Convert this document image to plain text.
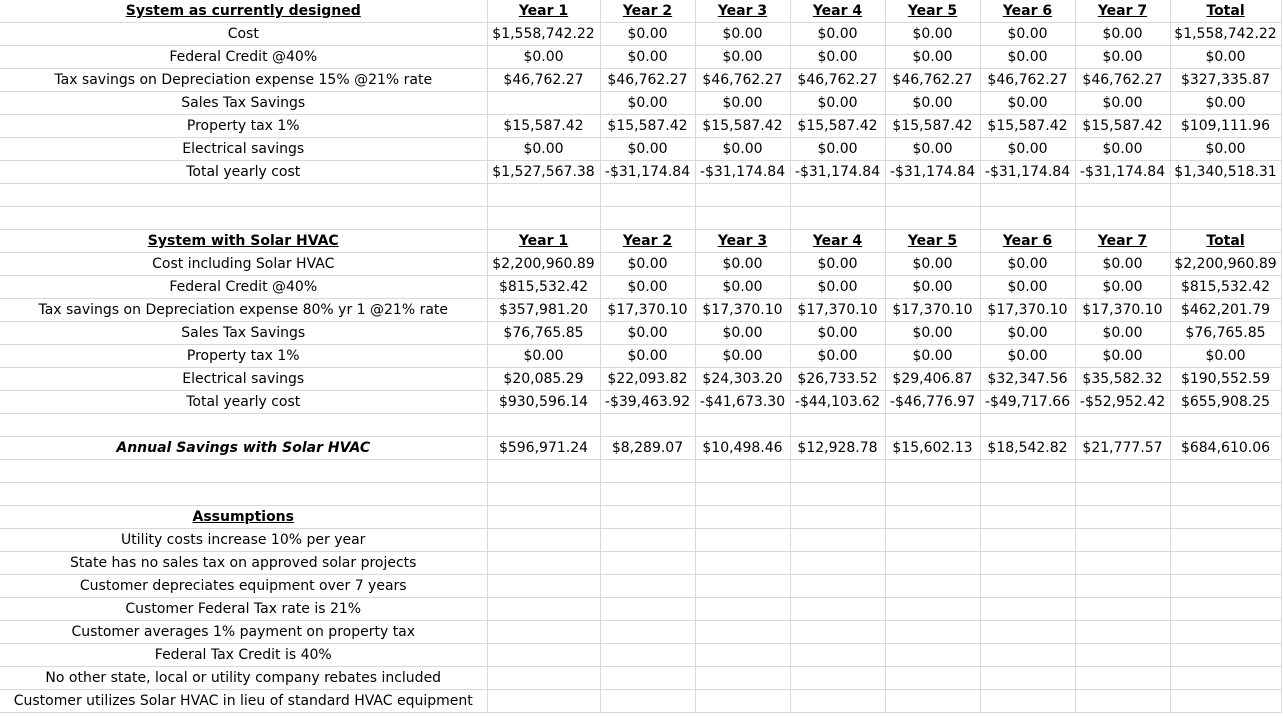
System as currently designed	Year 1	Year 2	Year 3	Year 4	Year 5	Year 6	Year 7	Total
Cost	$1,558,742.22	$0.00	$0.00	$0.00	$0.00	$0.00	$0.00	$1,558,742.22
Federal Credit @40%	$0.00	$0.00	$0.00	$0.00	$0.00	$0.00	$0.00	$0.00
Tax savings on Depreciation expense 15% @21% rate	$46,762.27	$46,762.27	$46,762.27	$46,762.27	$46,762.27	$46,762.27	$46,762.27	$327,335.87
Sales Tax Savings		$0.00	$0.00	$0.00	$0.00	$0.00	$0.00	$0.00
Property tax 1%	$15,587.42	$15,587.42	$15,587.42	$15,587.42	$15,587.42	$15,587.42	$15,587.42	$109,111.96
Electrical savings	$0.00	$0.00	$0.00	$0.00	$0.00	$0.00	$0.00	$0.00
Total yearly cost	$1,527,567.38	-$31,174.84	-$31,174.84	-$31,174.84	-$31,174.84	-$31,174.84	-$31,174.84	$1,340,518.31

System with Solar HVAC	Year 1	Year 2	Year 3	Year 4	Year 5	Year 6	Year 7	Total
Cost including Solar HVAC	$2,200,960.89	$0.00	$0.00	$0.00	$0.00	$0.00	$0.00	$2,200,960.89
Federal Credit @40%	$815,532.42	$0.00	$0.00	$0.00	$0.00	$0.00	$0.00	$815,532.42
Tax savings on Depreciation expense 80% yr 1 @21% rate	$357,981.20	$17,370.10	$17,370.10	$17,370.10	$17,370.10	$17,370.10	$17,370.10	$462,201.79
Sales Tax Savings	$76,765.85	$0.00	$0.00	$0.00	$0.00	$0.00	$0.00	$76,765.85
Property tax 1%	$0.00	$0.00	$0.00	$0.00	$0.00	$0.00	$0.00	$0.00
Electrical savings	$20,085.29	$22,093.82	$24,303.20	$26,733.52	$29,406.87	$32,347.56	$35,582.32	$190,552.59
Total yearly cost	$930,596.14	-$39,463.92	-$41,673.30	-$44,103.62	-$46,776.97	-$49,717.66	-$52,952.42	$655,908.25

Annual Savings with Solar HVAC	$596,971.24	$8,289.07	$10,498.46	$12,928.78	$15,602.13	$18,542.82	$21,777.57	$684,610.06

Assumptions								
Utility costs increase 10% per year								
State has no sales tax on approved solar projects								
Customer depreciates equipment over 7 years								
Customer Federal Tax rate is 21%								
Customer averages 1% payment on property tax								
Federal Tax Credit is 40%								
No other state, local or utility company rebates included								
Customer utilizes Solar HVAC in lieu of standard HVAC equipment								
